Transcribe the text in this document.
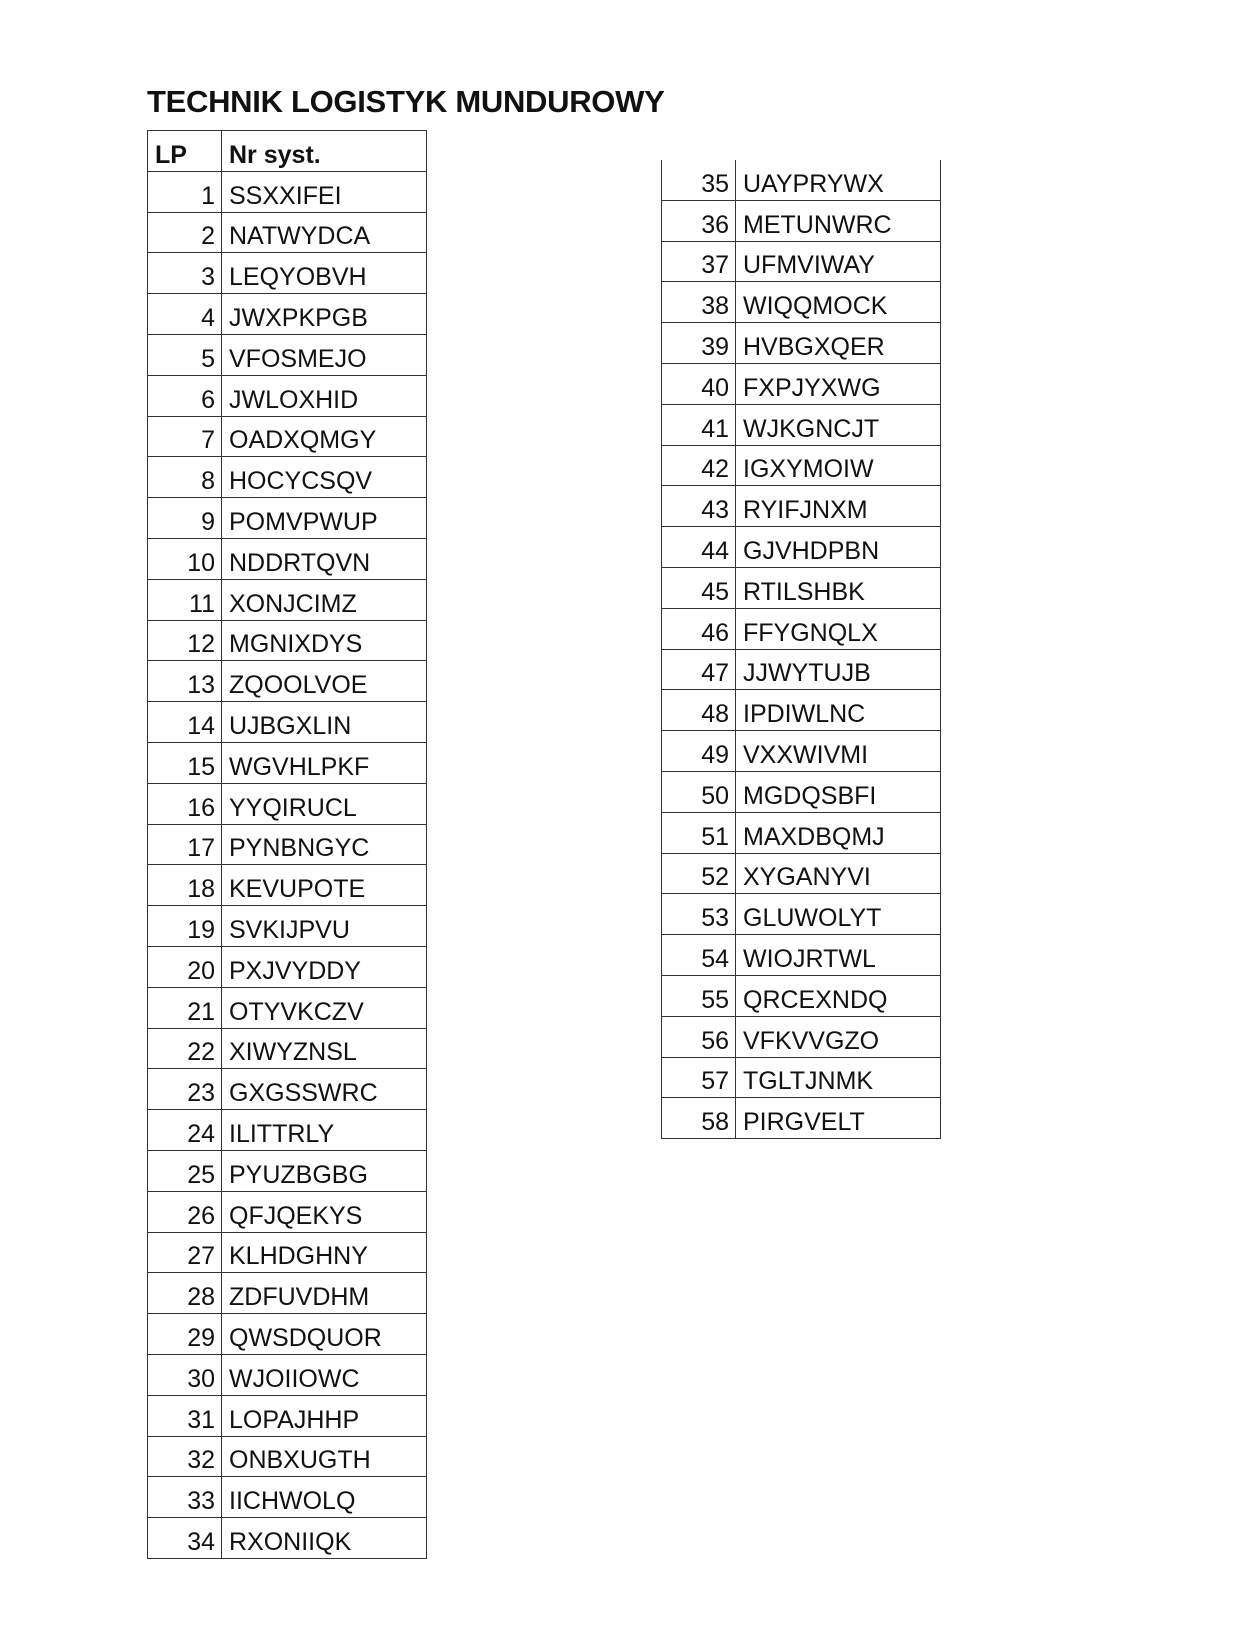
TECHNIK LOGISTYK MUNDUROWY
LP	Nr syst.
1	SSXXIFEI
2	NATWYDCA
3	LEQYOBVH
4	JWXPKPGB
5	VFOSMEJO
6	JWLOXHID
7	OADXQMGY
8	HOCYCSQV
9	POMVPWUP
10	NDDRTQVN
11	XONJCIMZ
12	MGNIXDYS
13	ZQOOLVOE
14	UJBGXLIN
15	WGVHLPKF
16	YYQIRUCL
17	PYNBNGYC
18	KEVUPOTE
19	SVKIJPVU
20	PXJVYDDY
21	OTYVKCZV
22	XIWYZNSL
23	GXGSSWRC
24	ILITTRLY
25	PYUZBGBG
26	QFJQEKYS
27	KLHDGHNY
28	ZDFUVDHM
29	QWSDQUOR
30	WJOIIOWC
31	LOPAJHHP
32	ONBXUGTH
33	IICHWOLQ
34	RXONIIQK
35	UAYPRYWX
36	METUNWRC
37	UFMVIWAY
38	WIQQMOCK
39	HVBGXQER
40	FXPJYXWG
41	WJKGNCJT
42	IGXYMOIW
43	RYIFJNXM
44	GJVHDPBN
45	RTILSHBK
46	FFYGNQLX
47	JJWYTUJB
48	IPDIWLNC
49	VXXWIVMI
50	MGDQSBFI
51	MAXDBQMJ
52	XYGANYVI
53	GLUWOLYT
54	WIOJRTWL
55	QRCEXNDQ
56	VFKVVGZO
57	TGLTJNMK
58	PIRGVELT
